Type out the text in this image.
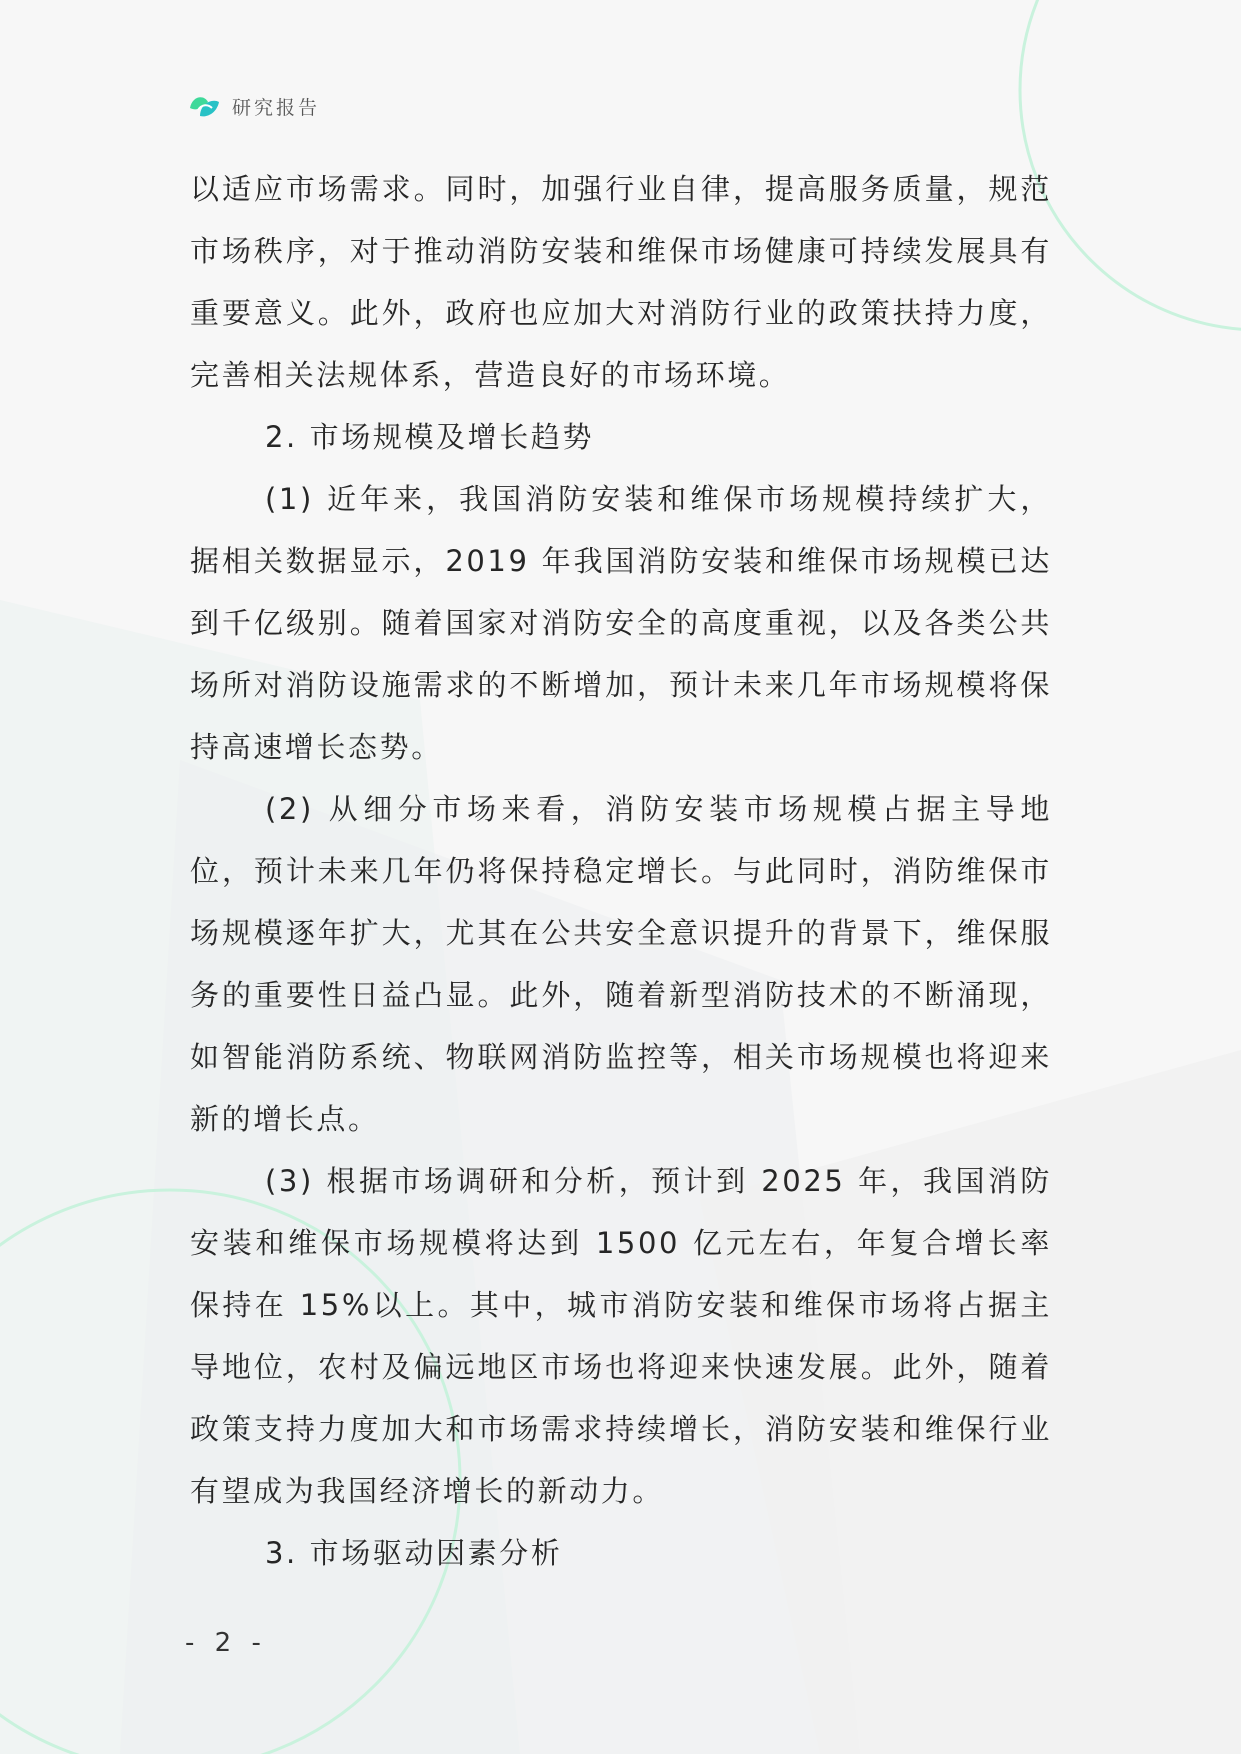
研究报告

以适应市场需求。同时，加强行业自律，提高服务质量，规范市场秩序，对于推动消防安装和维保市场健康可持续发展具有重要意义。此外，政府也应加大对消防行业的政策扶持力度，完善相关法规体系，营造良好的市场环境。

2. 市场规模及增长趋势

(1) 近年来，我国消防安装和维保市场规模持续扩大，据相关数据显示，2019 年我国消防安装和维保市场规模已达到千亿级别。随着国家对消防安全的高度重视，以及各类公共场所对消防设施需求的不断增加，预计未来几年市场规模将保持高速增长态势。

(2) 从细分市场来看，消防安装市场规模占据主导地位，预计未来几年仍将保持稳定增长。与此同时，消防维保市场规模逐年扩大，尤其在公共安全意识提升的背景下，维保服务的重要性日益凸显。此外，随着新型消防技术的不断涌现，如智能消防系统、物联网消防监控等，相关市场规模也将迎来新的增长点。

(3) 根据市场调研和分析，预计到 2025 年，我国消防安装和维保市场规模将达到 1500 亿元左右，年复合增长率保持在 15%以上。其中，城市消防安装和维保市场将占据主导地位，农村及偏远地区市场也将迎来快速发展。此外，随着政策支持力度加大和市场需求持续增长，消防安装和维保行业有望成为我国经济增长的新动力。

3. 市场驱动因素分析
- 2 -
